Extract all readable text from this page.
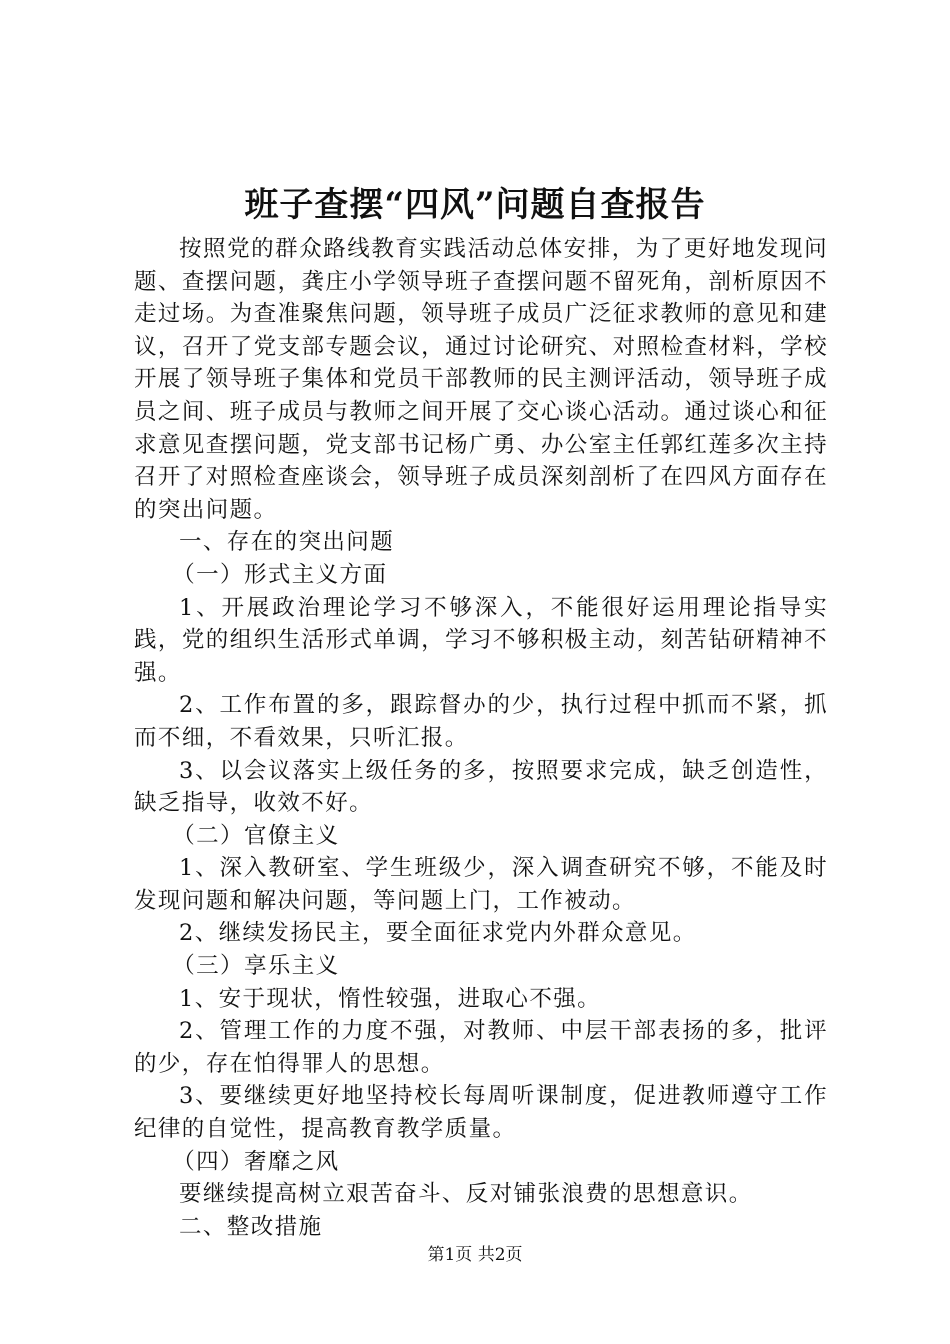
班子查摆“四风”问题自查报告

按照党的群众路线教育实践活动总体安排，为了更好地发现问题、查摆问题，龚庄小学领导班子查摆问题不留死角，剖析原因不走过场。为查准聚焦问题，领导班子成员广泛征求教师的意见和建议，召开了党支部专题会议，通过讨论研究、对照检查材料，学校开展了领导班子集体和党员干部教师的民主测评活动，领导班子成员之间、班子成员与教师之间开展了交心谈心活动。通过谈心和征求意见查摆问题，党支部书记杨广勇、办公室主任郭红莲多次主持召开了对照检查座谈会，领导班子成员深刻剖析了在四风方面存在的突出问题。

一、存在的突出问题

（一）形式主义方面

1、开展政治理论学习不够深入，不能很好运用理论指导实践，党的组织生活形式单调，学习不够积极主动，刻苦钻研精神不强。

2、工作布置的多，跟踪督办的少，执行过程中抓而不紧，抓而不细，不看效果，只听汇报。

3、以会议落实上级任务的多，按照要求完成，缺乏创造性，缺乏指导，收效不好。

（二）官僚主义

1、深入教研室、学生班级少，深入调查研究不够，不能及时发现问题和解决问题，等问题上门，工作被动。

2、继续发扬民主，要全面征求党内外群众意见。

（三）享乐主义

1、安于现状，惰性较强，进取心不强。

2、管理工作的力度不强，对教师、中层干部表扬的多，批评的少，存在怕得罪人的思想。

3、要继续更好地坚持校长每周听课制度，促进教师遵守工作纪律的自觉性，提高教育教学质量。

（四）奢靡之风

要继续提高树立艰苦奋斗、反对铺张浪费的思想意识。

二、整改措施

第1页 共2页
